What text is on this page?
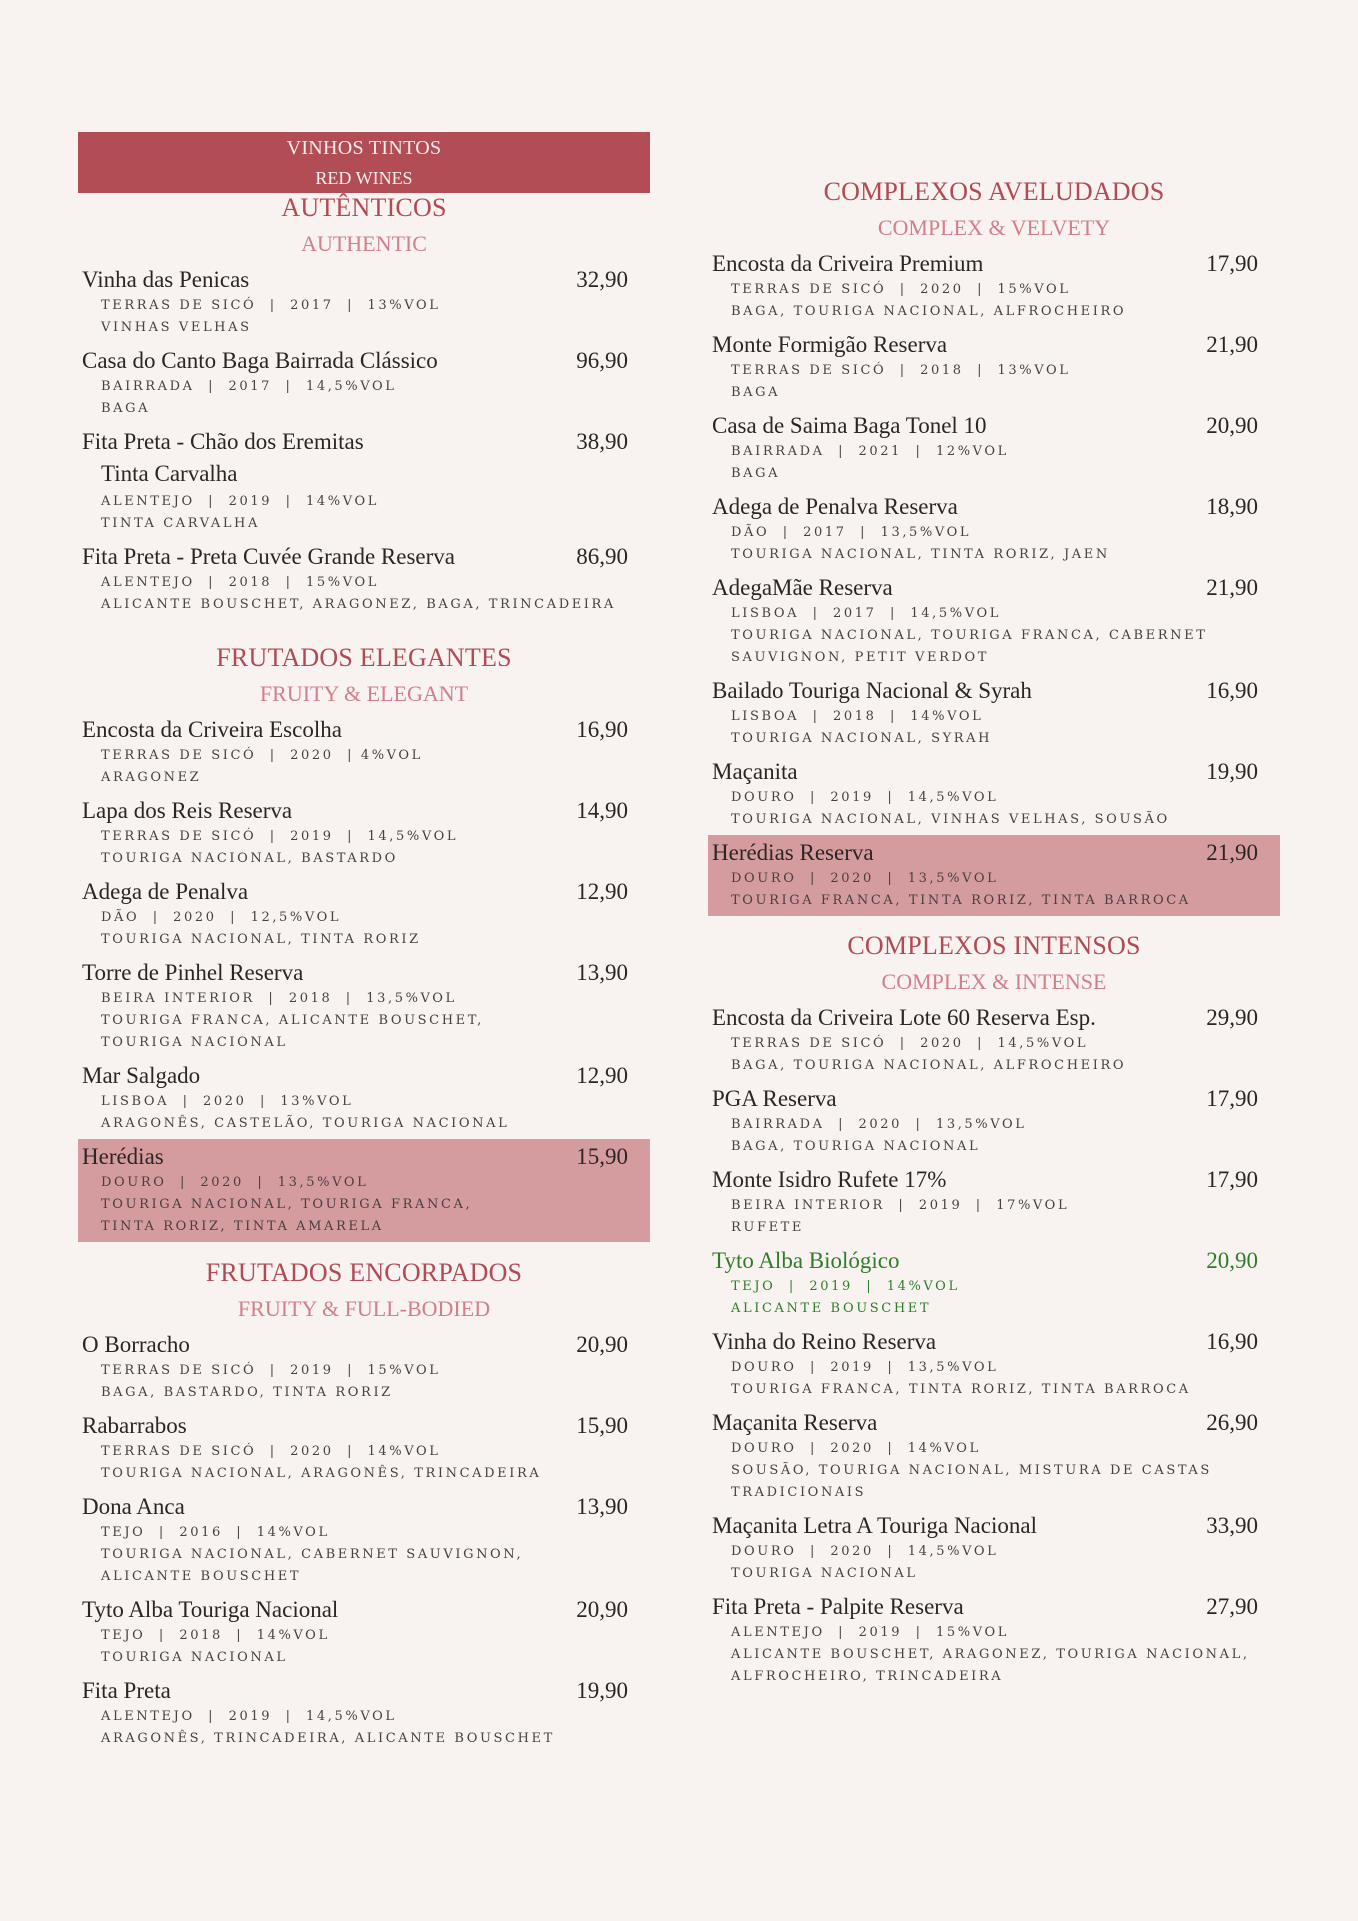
VINHOS TINTOS
RED WINES
AUTÊNTICOS
AUTHENTIC
Vinha das Penicas	32,90
TERRAS DE SICÓ  |  2017  |  13%VOL
VINHAS VELHAS
Casa do Canto Baga Bairrada Clássico	96,90
BAIRRADA  |  2017  |  14,5%VOL
BAGA
Fita Preta - Chão dos Eremitas	38,90
Tinta Carvalha
ALENTEJO  |  2019  |  14%VOL
TINTA CARVALHA
Fita Preta - Preta Cuvée Grande Reserva	86,90
ALENTEJO  |  2018  |  15%VOL
ALICANTE BOUSCHET, ARAGONEZ, BAGA, TRINCADEIRA
FRUTADOS ELEGANTES
FRUITY & ELEGANT
Encosta da Criveira Escolha	16,90
TERRAS DE SICÓ  |  2020  | 4%VOL
ARAGONEZ
Lapa dos Reis Reserva	14,90
TERRAS DE SICÓ  |  2019  |  14,5%VOL
TOURIGA NACIONAL, BASTARDO
Adega de Penalva	12,90
DÃO  |  2020  |  12,5%VOL
TOURIGA NACIONAL, TINTA RORIZ
Torre de Pinhel Reserva	13,90
BEIRA INTERIOR  |  2018  |  13,5%VOL
TOURIGA FRANCA, ALICANTE BOUSCHET,
TOURIGA NACIONAL
Mar Salgado	12,90
LISBOA  |  2020  |  13%VOL
ARAGONÊS, CASTELÃO, TOURIGA NACIONAL
Herédias	15,90
DOURO  |  2020  |  13,5%VOL
TOURIGA NACIONAL, TOURIGA FRANCA,
TINTA RORIZ, TINTA AMARELA
FRUTADOS ENCORPADOS
FRUITY & FULL-BODIED
O Borracho	20,90
TERRAS DE SICÓ  |  2019  |  15%VOL
BAGA, BASTARDO, TINTA RORIZ
Rabarrabos	15,90
TERRAS DE SICÓ  |  2020  |  14%VOL
TOURIGA NACIONAL, ARAGONÊS, TRINCADEIRA
Dona Anca	13,90
TEJO  |  2016  |  14%VOL
TOURIGA NACIONAL, CABERNET SAUVIGNON,
ALICANTE BOUSCHET
Tyto Alba Touriga Nacional	20,90
TEJO  |  2018  |  14%VOL
TOURIGA NACIONAL
Fita Preta	19,90
ALENTEJO  |  2019  |  14,5%VOL
ARAGONÊS, TRINCADEIRA, ALICANTE BOUSCHET
COMPLEXOS AVELUDADOS
COMPLEX & VELVETY
Encosta da Criveira Premium	17,90
TERRAS DE SICÓ  |  2020  |  15%VOL
BAGA, TOURIGA NACIONAL, ALFROCHEIRO
Monte Formigão Reserva	21,90
TERRAS DE SICÓ  |  2018  |  13%VOL
BAGA
Casa de Saima Baga Tonel 10	20,90
BAIRRADA  |  2021  |  12%VOL
BAGA
Adega de Penalva Reserva	18,90
DÃO  |  2017  |  13,5%VOL
TOURIGA NACIONAL, TINTA RORIZ, JAEN
AdegaMãe Reserva	21,90
LISBOA  |  2017  |  14,5%VOL
TOURIGA NACIONAL, TOURIGA FRANCA, CABERNET
SAUVIGNON, PETIT VERDOT
Bailado Touriga Nacional & Syrah	16,90
LISBOA  |  2018  |  14%VOL
TOURIGA NACIONAL, SYRAH
Maçanita	19,90
DOURO  |  2019  |  14,5%VOL
TOURIGA NACIONAL, VINHAS VELHAS, SOUSÃO
Herédias Reserva	21,90
DOURO  |  2020  |  13,5%VOL
TOURIGA FRANCA, TINTA RORIZ, TINTA BARROCA
COMPLEXOS INTENSOS
COMPLEX & INTENSE
Encosta da Criveira Lote 60 Reserva Esp.	29,90
TERRAS DE SICÓ  |  2020  |  14,5%VOL
BAGA, TOURIGA NACIONAL, ALFROCHEIRO
PGA Reserva	17,90
BAIRRADA  |  2020  |  13,5%VOL
BAGA, TOURIGA NACIONAL
Monte Isidro Rufete 17%	17,90
BEIRA INTERIOR  |  2019  |  17%VOL
RUFETE
Tyto Alba Biológico	20,90
TEJO  |  2019  |  14%VOL
ALICANTE BOUSCHET
Vinha do Reino Reserva	16,90
DOURO  |  2019  |  13,5%VOL
TOURIGA FRANCA, TINTA RORIZ, TINTA BARROCA
Maçanita Reserva	26,90
DOURO  |  2020  |  14%VOL
SOUSÃO, TOURIGA NACIONAL, MISTURA DE CASTAS
TRADICIONAIS
Maçanita Letra A Touriga Nacional	33,90
DOURO  |  2020  |  14,5%VOL
TOURIGA NACIONAL
Fita Preta - Palpite Reserva	27,90
ALENTEJO  |  2019  |  15%VOL
ALICANTE BOUSCHET, ARAGONEZ, TOURIGA NACIONAL,
ALFROCHEIRO, TRINCADEIRA
